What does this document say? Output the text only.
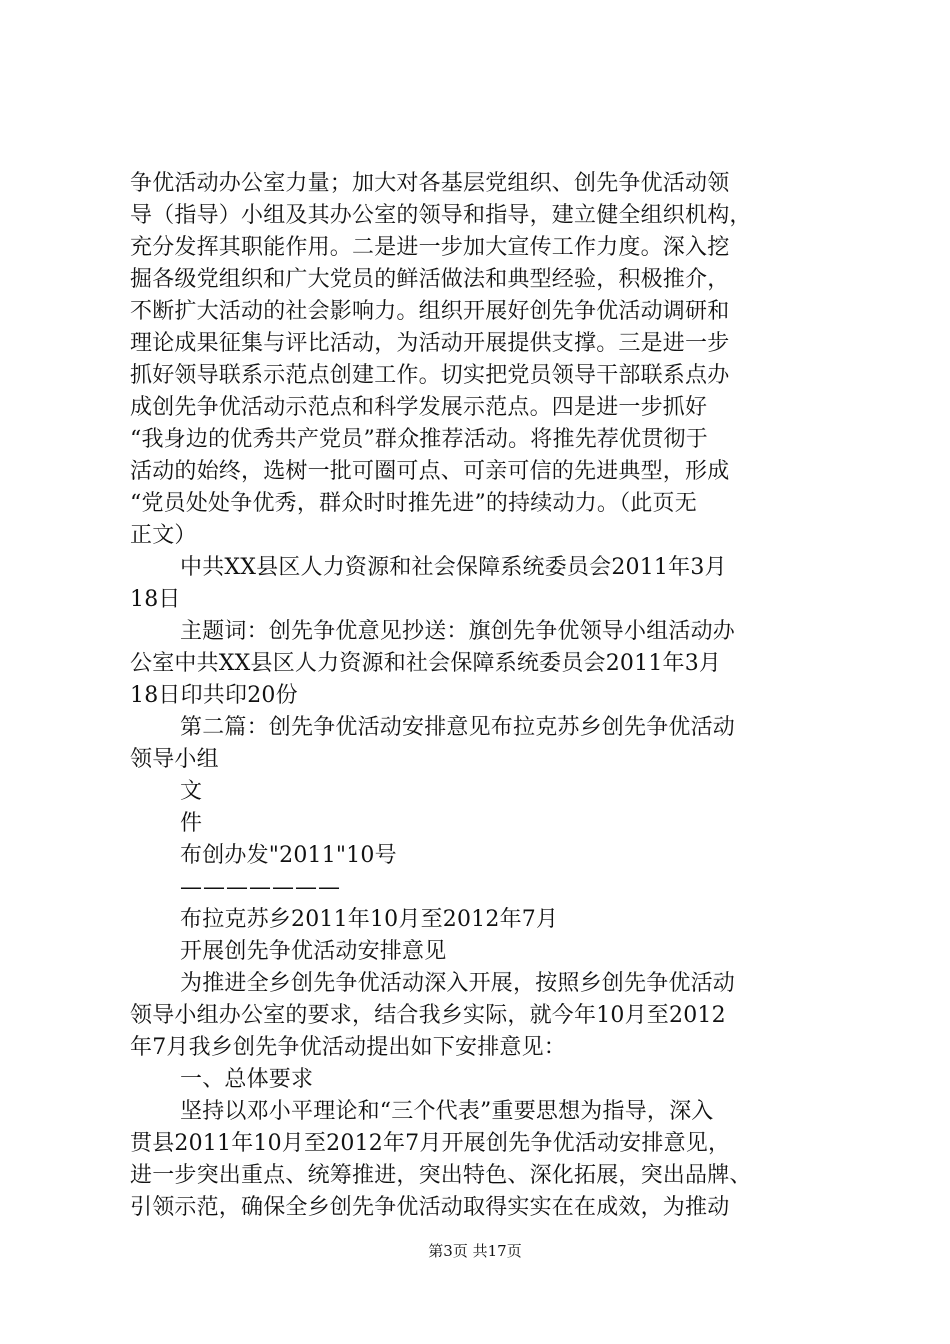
争优活动办公室力量；加大对各基层党组织、创先争优活动领
导（指导）小组及其办公室的领导和指导，建立健全组织机构，
充分发挥其职能作用。二是进一步加大宣传工作力度。深入挖
掘各级党组织和广大党员的鲜活做法和典型经验，积极推介，
不断扩大活动的社会影响力。组织开展好创先争优活动调研和
理论成果征集与评比活动，为活动开展提供支撑。三是进一步
抓好领导联系示范点创建工作。切实把党员领导干部联系点办
成创先争优活动示范点和科学发展示范点。四是进一步抓好
“我身边的优秀共产党员”群众推荐活动。将推先荐优贯彻于
活动的始终，选树一批可圈可点、可亲可信的先进典型，形成
“党员处处争优秀，群众时时推先进”的持续动力。（此页无
正文）
中共XX县区人力资源和社会保障系统委员会2011年3月
18日
主题词：创先争优意见抄送：旗创先争优领导小组活动办
公室中共XX县区人力资源和社会保障系统委员会2011年3月
18日印共印20份
第二篇：创先争优活动安排意见布拉克苏乡创先争优活动
领导小组
文
件
布创办发"2011"10号
———————
布拉克苏乡2011年10月至2012年7月
开展创先争优活动安排意见
为推进全乡创先争优活动深入开展，按照乡创先争优活动
领导小组办公室的要求，结合我乡实际，就今年10月至2012
年7月我乡创先争优活动提出如下安排意见：
一、总体要求
坚持以邓小平理论和“三个代表”重要思想为指导，深入
贯县2011年10月至2012年7月开展创先争优活动安排意见，
进一步突出重点、统筹推进，突出特色、深化拓展，突出品牌、
引领示范，确保全乡创先争优活动取得实实在在成效，为推动
第3页 共17页
